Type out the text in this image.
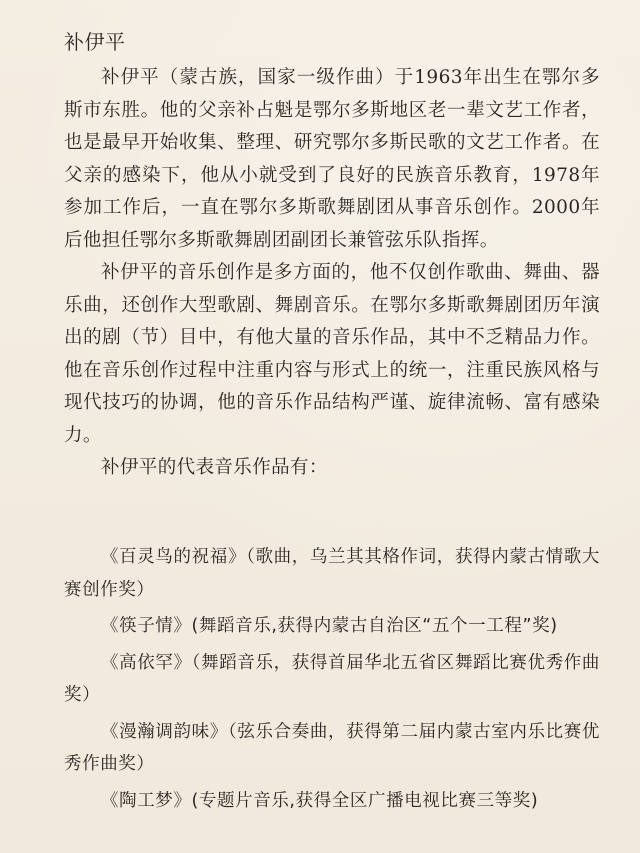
补伊平

补伊平（蒙古族，国家一级作曲）于1963年出生在鄂尔多斯市东胜。他的父亲补占魁是鄂尔多斯地区老一辈文艺工作者，也是最早开始收集、整理、研究鄂尔多斯民歌的文艺工作者。在父亲的感染下，他从小就受到了良好的民族音乐教育，1978年参加工作后，一直在鄂尔多斯歌舞剧团从事音乐创作。2000年后他担任鄂尔多斯歌舞剧团副团长兼管弦乐队指挥。

补伊平的音乐创作是多方面的，他不仅创作歌曲、舞曲、器乐曲，还创作大型歌剧、舞剧音乐。在鄂尔多斯歌舞剧团历年演出的剧（节）目中，有他大量的音乐作品，其中不乏精品力作。他在音乐创作过程中注重内容与形式上的统一，注重民族风格与现代技巧的协调，他的音乐作品结构严谨、旋律流畅、富有感染力。

补伊平的代表音乐作品有：

《百灵鸟的祝福》（歌曲，乌兰其其格作词，获得内蒙古情歌大赛创作奖）

《筷子情》(舞蹈音乐,获得内蒙古自治区“五个一工程”奖)

《高依罕》（舞蹈音乐，获得首届华北五省区舞蹈比赛优秀作曲奖）

《漫瀚调韵味》（弦乐合奏曲，获得第二届内蒙古室内乐比赛优秀作曲奖）

《陶工梦》(专题片音乐,获得全区广播电视比赛三等奖)
